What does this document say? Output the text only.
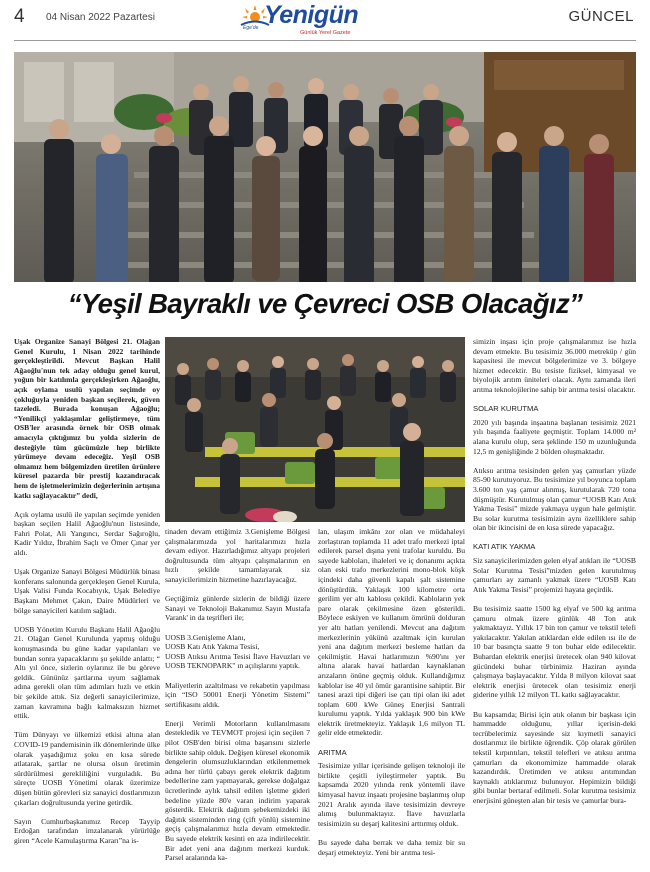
4 04 Nisan 2022 Pazartesi
Ege'de Yenigün
Günlük Yerel Gazete
GÜNCEL
“Yeşil Bayraklı ve Çevreci OSB Olacağız”

Uşak Organize Sanayi Bölgesi 21. Olağan Genel Kurulu, 1 Nisan 2022 tarihinde gerçekleştirildi. Mevcut Başkan Halil Ağaoğlu'nun tek aday olduğu genel kurul, yoğun bir katılımla gerçekleşirken Ağaoğlu, açık oylama usulü yapılan seçimde oy çokluğuyla yeniden başkan seçilerek, güven tazeledi. Burada konuşan Ağaoğlu; “Yenilikçi yaklaşımlar geliştirmeye, tüm OSB'ler arasında örnek bir OSB olmak amacıyla çıktığımız bu yolda sizlerin de desteğiyle tüm gücümüzle hep birlikte yürümeye devam edeceğiz. Yeşil OSB olmamız hem bölgemizden üretilen ürünlere küresel pazarda bir prestij kazandıracak hem de işletmelerimizin değerlerinin artışına katkı sağlayacaktır” dedi,

Açık oylama usulü ile yapılan seçimde yeniden başkan seçilen Halil Ağaoğlu'nun listesinde, Fahri Polat, Ali Yangıncı, Serdar Sağıroğlu, Kadir Yıldız, İbrahim Saçlı ve Ömer Çınar yer aldı.

Uşak Organize Sanayi Bölgesi Müdürlük binası konferans salonunda gerçekleşen Genel Kurula, Uşak Valisi Funda Kocabıyık, Uşak Belediye Başkanı Mehmet Çakın, Daire Müdürleri ve bölge sanayicileri katılım sağladı.

UOSB Yönetim Kurulu Başkanı Halil Ağaoğlu 21. Olağan Genel Kurulunda yapmış olduğu konuşmasında bu güne kadar yapılanları ve bundan sonra yapacaklarını şu şekilde anlattı; “ Altı yıl önce, sizlerin oylarınız ile bu göreve geldik. Gününüz şartlarına uyum sağlamak adına gerekli olan tüm adımları hızlı ve etkin bir şekilde attık. Siz değerli sanayicilerimize, zaman kavramına bağlı kalmaksızın hizmet ettik.

Tüm Dünyayı ve ülkemizi etkisi altına alan COVID-19 pandemisinin ilk dönemlerinde ülke olarak yaşadığımız şoku en kısa sürede atlatarak, şartlar ne olursa olsun üretimin sürdürülmesi gerekliliğini vurguladık. Bu süreçte UOSB Yönetimi olarak üzerimize düşen bütün görevleri siz sanayici dostlarımızın çıkarları doğrultusunda yerine getirdik.

Sayın Cumhurbaşkanımız Recep Tayyip Erdoğan tarafından imzalanarak yürürlüğe giren “Acele Kamulaştırma Kararı”na is-

tinaden devam ettiğimiz 3.Genişleme Bölgesi çalışmalarımızda yol haritalarımızı hızla devam ediyor. Hazırladığımız altyapı projeleri doğrultusunda tüm altyapı çalışmalarının en hızlı şekilde tamamlayarak siz sanayicilerimizin hizmetine hazırlayacağız.

Geçtiğimiz günlerde sizlerin de bildiği üzere Sanayi ve Teknoloji Bakanımız Sayın Mustafa Varank' in da teşrifleri ile;

UOSB 3.Genişleme Alanı,
UOSB Katı Atık Yakma Tesisi,

UOSB Atıksu Arıtma Tesisi İlave Havuzları ve UOSB TEKNOPARK" ın açılışlarını yaptık.

Maliyetlerin azaltılması ve rekabetin yapılması için “ISO 50001 Enerji Yönetim Sistemi” sertifikasını aldık.

Enerji Verimli Motorların kullanılmasını destekledik ve TEVMOT projesi için seçilen 7 pilot OSB'den birisi olma başarısını sizlerle birlikte sahip olduk. Değişen küresel ekonomik dengelerin olumsuzluklarından etkilenmemek adına her türlü çabayı gerek elektrik dağıtım bedellerine zam yapmayarak, gerekse doğalgaz ücretlerinde aylık tahsil edilen işletme gideri bedeline yüzde 80'e varan indirim yaparak gösterdik. Elektrik dağıtım şebekemizdeki iki dağıtık sisteminden ring (çift yönlü) sistemine geçiş çalışmalarımız hızla devam etmektedir. Bu sayede elektrik kesinti en aza indirilecektir. Bir adet yeni ana dağıtım merkezi kurduk. Parsel aralarında ka-

lan, ulaşım imkânı zor olan ve müdahaleyi zorlaştıran toplamda 11 adet trafo merkezi iptal edilerek parsel dışına yeni trafolar kuruldu. Bu sayede kabloları, ihaleleri ve iç donanımı açıkta olan eski trafo merkezlerini mono-blok köşk içindeki daha güvenli kapalı şalt sistemine dönüştürdük. Yaklaşık 100 kilometre orta gerilim yer altı kablosu çekildi. Kabloların yek pare olarak çekilmesine özen gösterildi. Böylece eskiyen ve kullanım ömrünü dolduran yer altı hatları yenilendi. Mevcut ana dağıtım merkezlerinin yükünü azaltmak için kurulan yeni ana dağıtım merkezi besleme hatları da çekilmiştir. Havai hatlarımızın %90'ını yer altına alarak havai hatlardan kaynaklanan arızaların önüne geçmiş olduk. Kullandığımız kablolar ise 40 yıl ömür garantisine sahiptir. Bir tanesi arazi tipi diğeri ise çatı tipi olan iki adet toplam 600 kWe Güneş Enerjisi Santrali kurulumu yaptık. Yılda yaklaşık 900 bin kWe elektrik üretmekteyiz. Yaklaşık 1,6 milyon TL gelir elde etmektedir.

ARITMA

Tesisimize yıllar içerisinde gelişen teknoloji ile birlikte çeşitli iyileştirmeler yaptık. Bu kapsamda 2020 yılında renk yöntemli ilave kimyasal havuz inşaatı projesine başlanmış olup 2021 Aralık ayında ilave tesisimizin devreye alımış bulunmaktayız. İlave havuzlarla tesisimizin su deşarj kalitesini arttırmış olduk.

Bu sayede daha berrak ve daha temiz bir su deşarj etmekteyiz. Yeni bir arıtma tesi-

simizin inşası için proje çalışmalarımız ise hızla devam etmekte. Bu tesisimiz 36.000 metreküp / gün kapasitesi ile mevcut bölgelerimize ve 3. bölgeye hizmet edecektir. Bu tesiste fiziksel, kimyasal ve biyolojik arıtım üniteleri olacak. Aynı zamanda ileri arıtma teknolojilerine sahip bir arıtma tesisi olacaktır.

SOLAR KURUTMA

2020 yılı başında inşaatına başlanan tesisimiz 2021 yılı başında faaliyete geçmiştir. Toplam 14.000 m² alana kurulu olup, sera şeklinde 150 m uzunluğunda 12,5 m genişliğinde 2 bölden oluşmaktadır.

Atıksu arıtma tesisinden gelen yaş çamurları yüzde 85-90 kurutuyoruz. Bu tesisimize yıl boyunca toplam 3.600 ton yaş çamur alınmış, kurutularak 720 tona düşmüştür. Kurutulmuş olan çamur “UOSB Katı Atık Yakma Tesisi” mizde yakmaya uygun hale gelmiştir. Bu solar kurutma tesisimizin aynı özelliklere sahip olan bir ikincisini de en kısa sürede yapacağız.

KATI ATIK YAKMA

Siz sanayicilerimizden gelen elyaf atıkları ile “UOSB Solar Kurutma Tesisi”mizden gelen kurutulmuş çamurları ay zamanlı yakmak üzere “UOSB Katı Atık Yakma Tesisi” projemizi hayata geçirdik.

Bu tesisimiz saatte 1500 kg elyaf ve 500 kg arıtma çamuru olmak üzere günlük 48 Ton atık yakmaktayız. Yıllık 17 bin ton çamur ve tekstil telefi yakılacaktır. Yakılan atıklardan elde edilen ısı ile de 10 bar basınçta saatte 9 ton buhar elde edilecektir. Buhardan elektrik enerjisi üretecek olan 940 kilovat gücündeki buhar türbinimiz Haziran ayında çalışmaya başlayacaktır. Yılda 8 milyon kilovat saat elektrik enerjisi üretecek olan tesisimiz enerji giderine yıllık 12 milyon TL katkı sağlayacaktır.

Bu kapsamda; Birisi için atık olanın bir başkası için hammadde olduğunu, yıllar içerisin-deki tecrübelerimiz sayesinde siz kıymetli sanayici dostlarımız ile birlikte öğrendik. Çöp olarak görülen tekstil kırpıntıları, tekstil telefleri ve atıksu arıtma çamurları da ekonomimize hammadde olarak kazandırdık. Üretimden ve atıksu arıtımından kaynaklı atıklarımız bulunuyor. Hepimizin bildiği gibi bunlar bertaraf edilmeli. Solar kurutma tesisimiz enerjisini güneşten alan bir tesis ve çamurlar bura-
